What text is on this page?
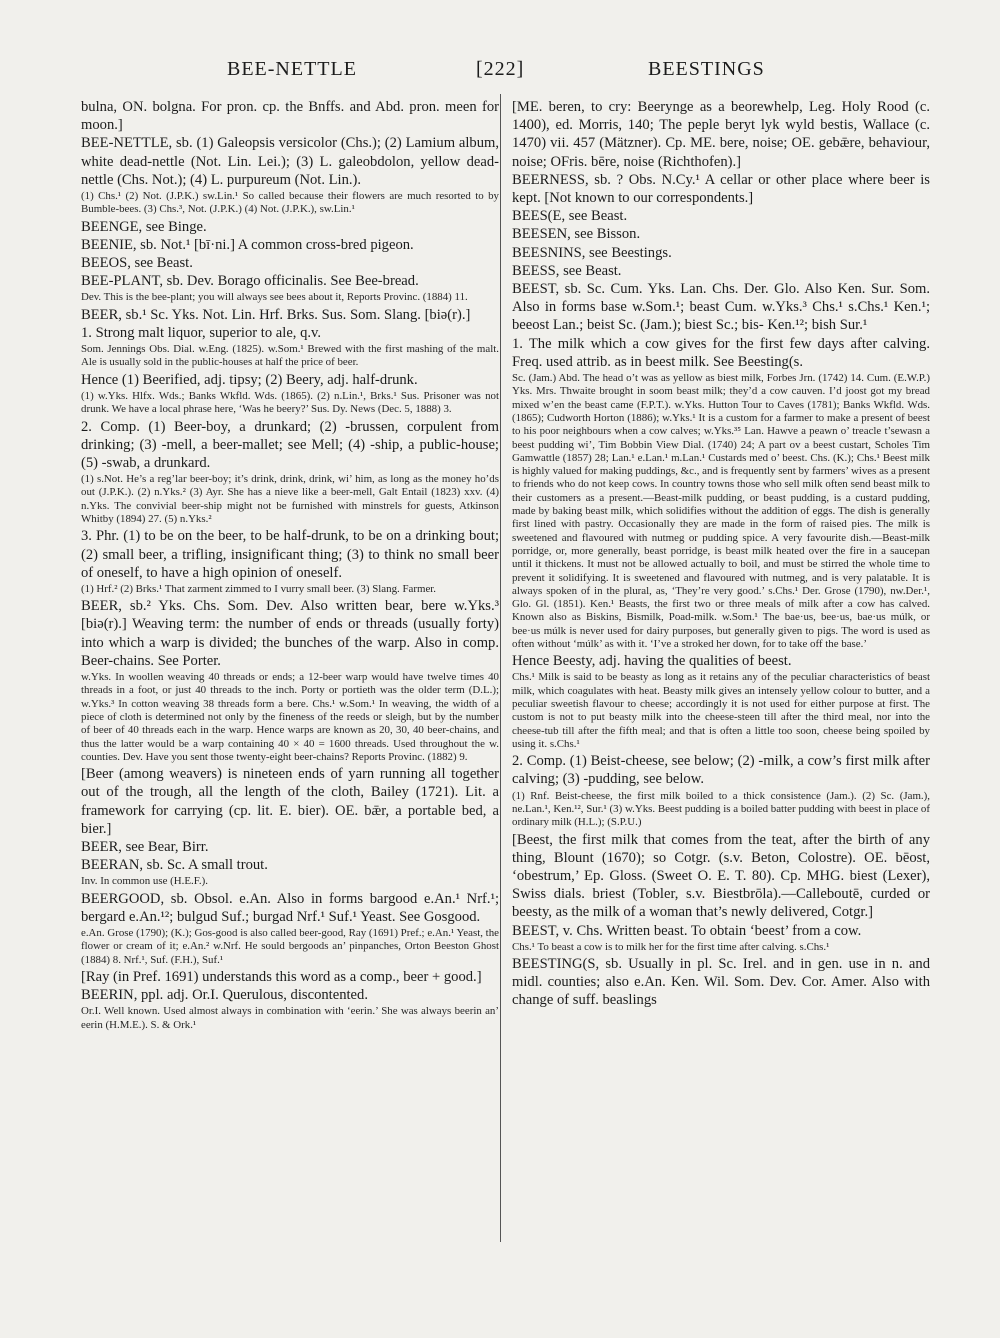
BEE-NETTLE	[222]	BEESTINGS

bulna, ON. bolgna. For pron. cp. the Bnffs. and Abd. pron. meen for moon.]

BEE-NETTLE, sb. (1) Galeopsis versicolor (Chs.); (2) Lamium album, white dead-nettle (Not. Lin. Lei.); (3) L. galeobdolon, yellow dead-nettle (Chs. Not.); (4) L. purpureum (Not. Lin.).

(1) Chs.¹ (2) Not. (J.P.K.) sw.Lin.¹ So called because their flowers are much resorted to by Bumble-bees. (3) Chs.³, Not. (J.P.K.) (4) Not. (J.P.K.), sw.Lin.¹

BEENGE, see Binge.

BEENIE, sb. Not.¹ [bī·ni.] A common cross-bred pigeon.

BEEOS, see Beast.

BEE-PLANT, sb. Dev. Borago officinalis. See Bee-bread.

Dev. This is the bee-plant; you will always see bees about it, Reports Provinc. (1884) 11.

BEER, sb.¹ Sc. Yks. Not. Lin. Hrf. Brks. Sus. Som. Slang. [biə(r).]

1. Strong malt liquor, superior to ale, q.v.

Som. Jennings Obs. Dial. w.Eng. (1825). w.Som.¹ Brewed with the first mashing of the malt. Ale is usually sold in the public-houses at half the price of beer.

Hence (1) Beerified, adj. tipsy; (2) Beery, adj. half-drunk.

(1) w.Yks. Hlfx. Wds.; Banks Wkfld. Wds. (1865). (2) n.Lin.¹, Brks.¹ Sus. Prisoner was not drunk. We have a local phrase here, ‘Was he beery?’ Sus. Dy. News (Dec. 5, 1888) 3.

2. Comp. (1) Beer-boy, a drunkard; (2) -brussen, corpulent from drinking; (3) -mell, a beer-mallet; see Mell; (4) -ship, a public-house; (5) -swab, a drunkard.

(1) s.Not. He’s a reg’lar beer-boy; it’s drink, drink, drink, wi’ him, as long as the money ho’ds out (J.P.K.). (2) n.Yks.² (3) Ayr. She has a nieve like a beer-mell, Galt Entail (1823) xxv. (4) n.Yks. The convivial beer-ship might not be furnished with minstrels for guests, Atkinson Whitby (1894) 27. (5) n.Yks.²

3. Phr. (1) to be on the beer, to be half-drunk, to be on a drinking bout; (2) small beer, a trifling, insignificant thing; (3) to think no small beer of oneself, to have a high opinion of oneself.

(1) Hrf.² (2) Brks.¹ That zarment zimmed to I vurry small beer. (3) Slang. Farmer.

BEER, sb.² Yks. Chs. Som. Dev. Also written bear, bere w.Yks.³ [biə(r).] Weaving term: the number of ends or threads (usually forty) into which a warp is divided; the bunches of the warp. Also in comp. Beer-chains. See Porter.

w.Yks. In woollen weaving 40 threads or ends; a 12-beer warp would have twelve times 40 threads in a foot, or just 40 threads to the inch. Porty or portieth was the older term (D.L.); w.Yks.³ In cotton weaving 38 threads form a bere. Chs.¹ w.Som.¹ In weaving, the width of a piece of cloth is determined not only by the fineness of the reeds or sleigh, but by the number of beer of 40 threads each in the warp. Hence warps are known as 20, 30, 40 beer-chains, and thus the latter would be a warp containing 40 × 40 = 1600 threads. Used throughout the w. counties. Dev. Have you sent those twenty-eight beer-chains? Reports Provinc. (1882) 9.

[Beer (among weavers) is nineteen ends of yarn running all together out of the trough, all the length of the cloth, Bailey (1721). Lit. a framework for carrying (cp. lit. E. bier). OE. bǣr, a portable bed, a bier.]

BEER, see Bear, Birr.

BEERAN, sb. Sc. A small trout.

Inv. In common use (H.E.F.).

BEERGOOD, sb. Obsol. e.An. Also in forms bargood e.An.¹ Nrf.¹; bergard e.An.¹²; bulgud Suf.; burgad Nrf.¹ Suf.¹ Yeast. See Gosgood.

e.An. Grose (1790); (K.); Gos-good is also called beer-good, Ray (1691) Pref.; e.An.¹ Yeast, the flower or cream of it; e.An.² w.Nrf. He sould bergoods an’ pinpanches, Orton Beeston Ghost (1884) 8. Nrf.¹, Suf. (F.H.), Suf.¹

[Ray (in Pref. 1691) understands this word as a comp., beer + good.]

BEERIN, ppl. adj. Or.I. Querulous, discontented.

Or.I. Well known. Used almost always in combination with ‘eerin.’ She was always beerin an’ eerin (H.M.E.). S. & Ork.¹

[ME. beren, to cry: Beerynge as a beorewhelp, Leg. Holy Rood (c. 1400), ed. Morris, 140; The peple beryt lyk wyld bestis, Wallace (c. 1470) vii. 457 (Mätzner). Cp. ME. bere, noise; OE. gebǣre, behaviour, noise; OFris. bēre, noise (Richthofen).]

BEERNESS, sb. ? Obs. N.Cy.¹ A cellar or other place where beer is kept. [Not known to our correspondents.]

BEES(E, see Beast.

BEESEN, see Bisson.

BEESNINS, see Beestings.

BEESS, see Beast.

BEEST, sb. Sc. Cum. Yks. Lan. Chs. Der. Glo. Also Ken. Sur. Som. Also in forms base w.Som.¹; beast Cum. w.Yks.³ Chs.¹ s.Chs.¹ Ken.¹; beeost Lan.; beist Sc. (Jam.); biest Sc.; bis- Ken.¹²; bish Sur.¹

1. The milk which a cow gives for the first few days after calving. Freq. used attrib. as in beest milk. See Beesting(s.

Sc. (Jam.) Abd. The head o’t was as yellow as biest milk, Forbes Jrn. (1742) 14. Cum. (E.W.P.) Yks. Mrs. Thwaite brought in soom beast milk; they’d a cow cauven. I’d joost got my bread mixed w’en the beast came (F.P.T.). w.Yks. Hutton Tour to Caves (1781); Banks Wkfld. Wds. (1865); Cudworth Horton (1886); w.Yks.¹ It is a custom for a farmer to make a present of beest to his poor neighbours when a cow calves; w.Yks.³⁵ Lan. Hawve a peawn o’ treacle t’sewasn a beest pudding wi’, Tim Bobbin View Dial. (1740) 24; A part ov a beest custart, Scholes Tim Gamwattle (1857) 28; Lan.¹ e.Lan.¹ m.Lan.¹ Custards med o’ beest. Chs. (K.); Chs.¹ Beest milk is highly valued for making puddings, &c., and is frequently sent by farmers’ wives as a present to friends who do not keep cows. In country towns those who sell milk often send beast milk to their customers as a present.—Beast-milk pudding, or beast pudding, is a custard pudding, made by baking beast milk, which solidifies without the addition of eggs. The dish is generally first lined with pastry. Occasionally they are made in the form of raised pies. The milk is sweetened and flavoured with nutmeg or pudding spice. A very favourite dish.—Beast-milk porridge, or, more generally, beast porridge, is beast milk heated over the fire in a saucepan until it thickens. It must not be allowed actually to boil, and must be stirred the whole time to prevent it solidifying. It is sweetened and flavoured with nutmeg, and is very palatable. It is always spoken of in the plural, as, ‘They’re very good.’ s.Chs.¹ Der. Grose (1790), nw.Der.¹, Glo. Gl. (1851). Ken.¹ Beasts, the first two or three meals of milk after a cow has calved. Known also as Biskins, Bismilk, Poad-milk. w.Som.¹ The bae·us, bee·us, bae·us múlk, or bee·us múlk is never used for dairy purposes, but generally given to pigs. The word is used as often without ‘múlk’ as with it. ‘I’ve a stroked her down, for to take off the base.’

Hence Beesty, adj. having the qualities of beest.

Chs.¹ Milk is said to be beasty as long as it retains any of the peculiar characteristics of beast milk, which coagulates with heat. Beasty milk gives an intensely yellow colour to butter, and a peculiar sweetish flavour to cheese; accordingly it is not used for either purpose at first. The custom is not to put beasty milk into the cheese-steen till after the third meal, nor into the cheese-tub till after the fifth meal; and that is often a little too soon, cheese being spoiled by using it. s.Chs.¹

2. Comp. (1) Beist-cheese, see below; (2) -milk, a cow’s first milk after calving; (3) -pudding, see below.

(1) Rnf. Beist-cheese, the first milk boiled to a thick consistence (Jam.). (2) Sc. (Jam.), ne.Lan.¹, Ken.¹², Sur.¹ (3) w.Yks. Beest pudding is a boiled batter pudding with beest in place of ordinary milk (H.L.); (S.P.U.)

[Beest, the first milk that comes from the teat, after the birth of any thing, Blount (1670); so Cotgr. (s.v. Beton, Colostre). OE. bēost, ‘obestrum,’ Ep. Gloss. (Sweet O. E. T. 80). Cp. MHG. biest (Lexer), Swiss dials. briest (Tobler, s.v. Biestbrōla).—Calleboutē, curded or beesty, as the milk of a woman that’s newly delivered, Cotgr.]

BEEST, v. Chs. Written beast. To obtain ‘beest’ from a cow.

Chs.¹ To beast a cow is to milk her for the first time after calving. s.Chs.¹

BEESTING(S, sb. Usually in pl. Sc. Irel. and in gen. use in n. and midl. counties; also e.An. Ken. Wil. Som. Dev. Cor. Amer. Also with change of suff. beaslings
